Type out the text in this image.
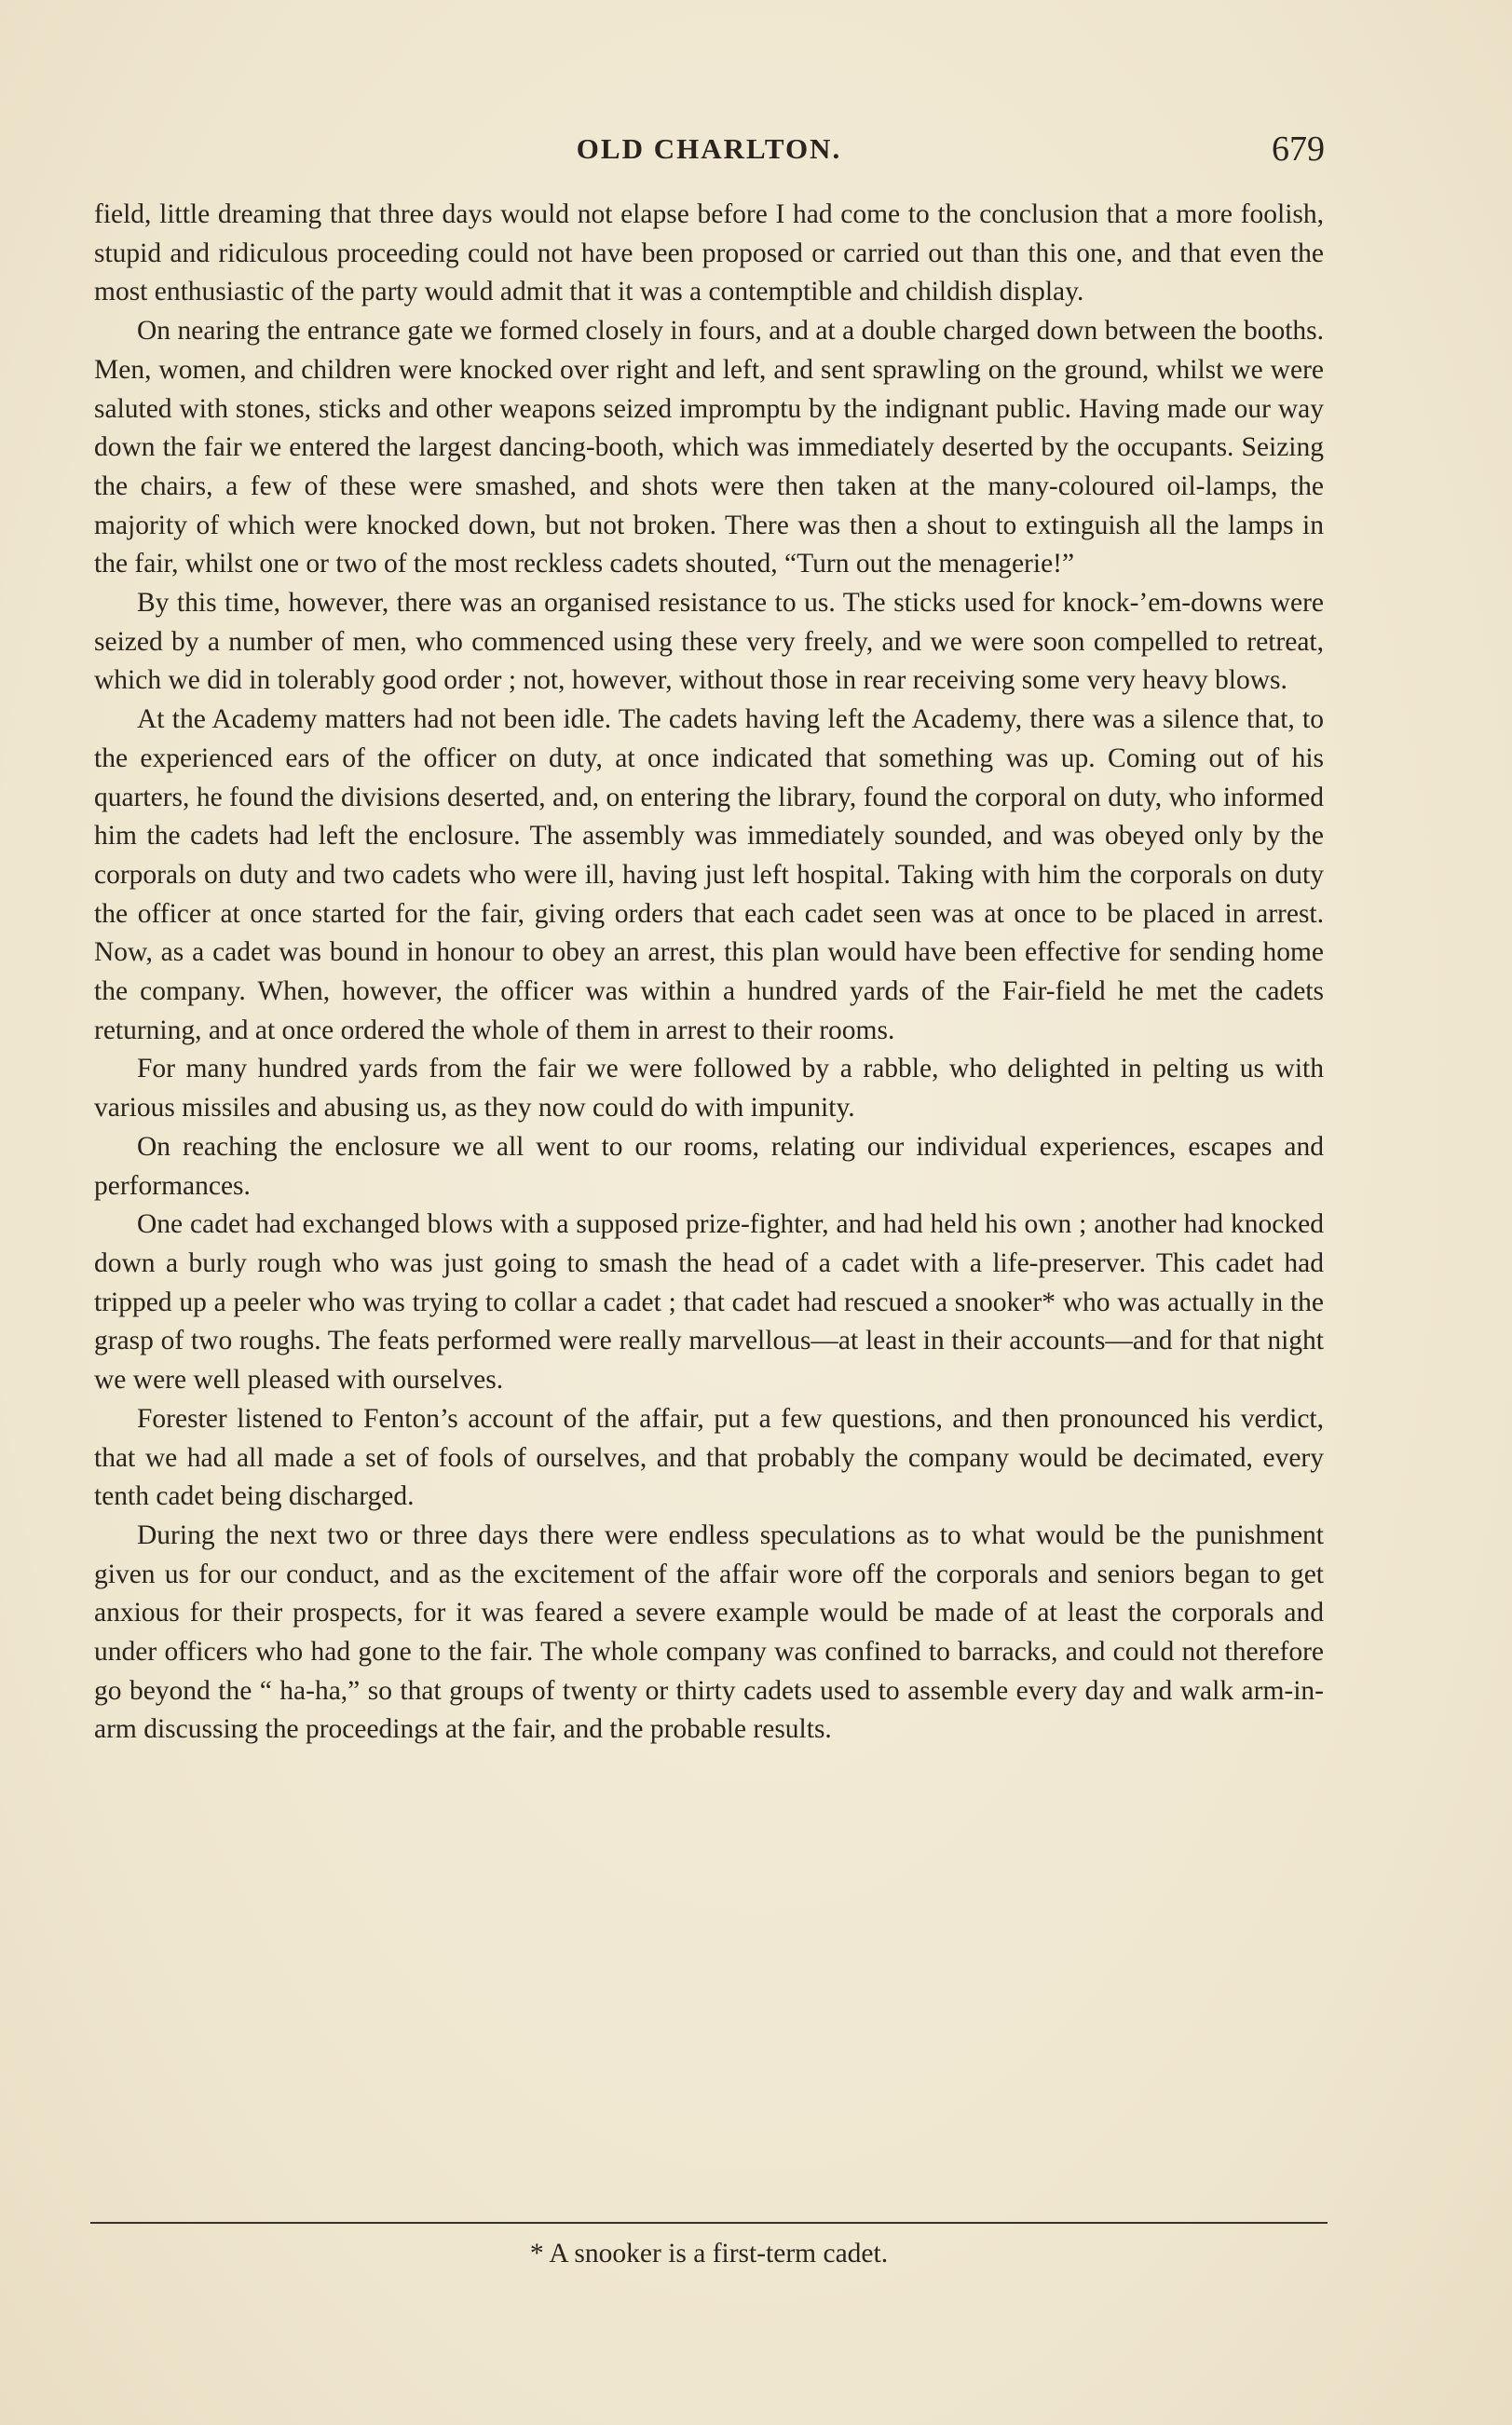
OLD CHARLTON.	679

field, little dreaming that three days would not elapse before I had come to the conclusion that a more foolish, stupid and ridiculous proceeding could not have been proposed or carried out than this one, and that even the most enthusiastic of the party would admit that it was a contemptible and childish display.

On nearing the entrance gate we formed closely in fours, and at a double charged down between the booths. Men, women, and children were knocked over right and left, and sent sprawling on the ground, whilst we were saluted with stones, sticks and other weapons seized impromptu by the indignant public. Having made our way down the fair we entered the largest dancing-booth, which was immediately deserted by the occupants. Seizing the chairs, a few of these were smashed, and shots were then taken at the many-coloured oil-lamps, the majority of which were knocked down, but not broken. There was then a shout to extinguish all the lamps in the fair, whilst one or two of the most reckless cadets shouted, “Turn out the menagerie!”

By this time, however, there was an organised resistance to us. The sticks used for knock-’em-downs were seized by a number of men, who commenced using these very freely, and we were soon compelled to retreat, which we did in tolerably good order ; not, however, without those in rear receiving some very heavy blows.

At the Academy matters had not been idle. The cadets having left the Academy, there was a silence that, to the experienced ears of the officer on duty, at once indicated that something was up. Coming out of his quarters, he found the divisions deserted, and, on entering the library, found the corporal on duty, who informed him the cadets had left the enclosure. The assembly was immediately sounded, and was obeyed only by the corporals on duty and two cadets who were ill, having just left hospital. Taking with him the corporals on duty the officer at once started for the fair, giving orders that each cadet seen was at once to be placed in arrest. Now, as a cadet was bound in honour to obey an arrest, this plan would have been effective for sending home the company. When, however, the officer was within a hundred yards of the Fair-field he met the cadets returning, and at once ordered the whole of them in arrest to their rooms.

For many hundred yards from the fair we were followed by a rabble, who delighted in pelting us with various missiles and abusing us, as they now could do with impunity.

On reaching the enclosure we all went to our rooms, relating our individual experiences, escapes and performances.

One cadet had exchanged blows with a supposed prize-fighter, and had held his own ; another had knocked down a burly rough who was just going to smash the head of a cadet with a life-preserver. This cadet had tripped up a peeler who was trying to collar a cadet ; that cadet had rescued a snooker* who was actually in the grasp of two roughs. The feats performed were really marvellous—at least in their accounts—and for that night we were well pleased with ourselves.

Forester listened to Fenton’s account of the affair, put a few questions, and then pronounced his verdict, that we had all made a set of fools of ourselves, and that probably the company would be decimated, every tenth cadet being discharged.

During the next two or three days there were endless speculations as to what would be the punishment given us for our conduct, and as the excitement of the affair wore off the corporals and seniors began to get anxious for their prospects, for it was feared a severe example would be made of at least the corporals and under officers who had gone to the fair. The whole company was confined to barracks, and could not therefore go beyond the “ ha-ha,” so that groups of twenty or thirty cadets used to assemble every day and walk arm-in-arm discussing the proceedings at the fair, and the probable results.

* A snooker is a first-term cadet.
